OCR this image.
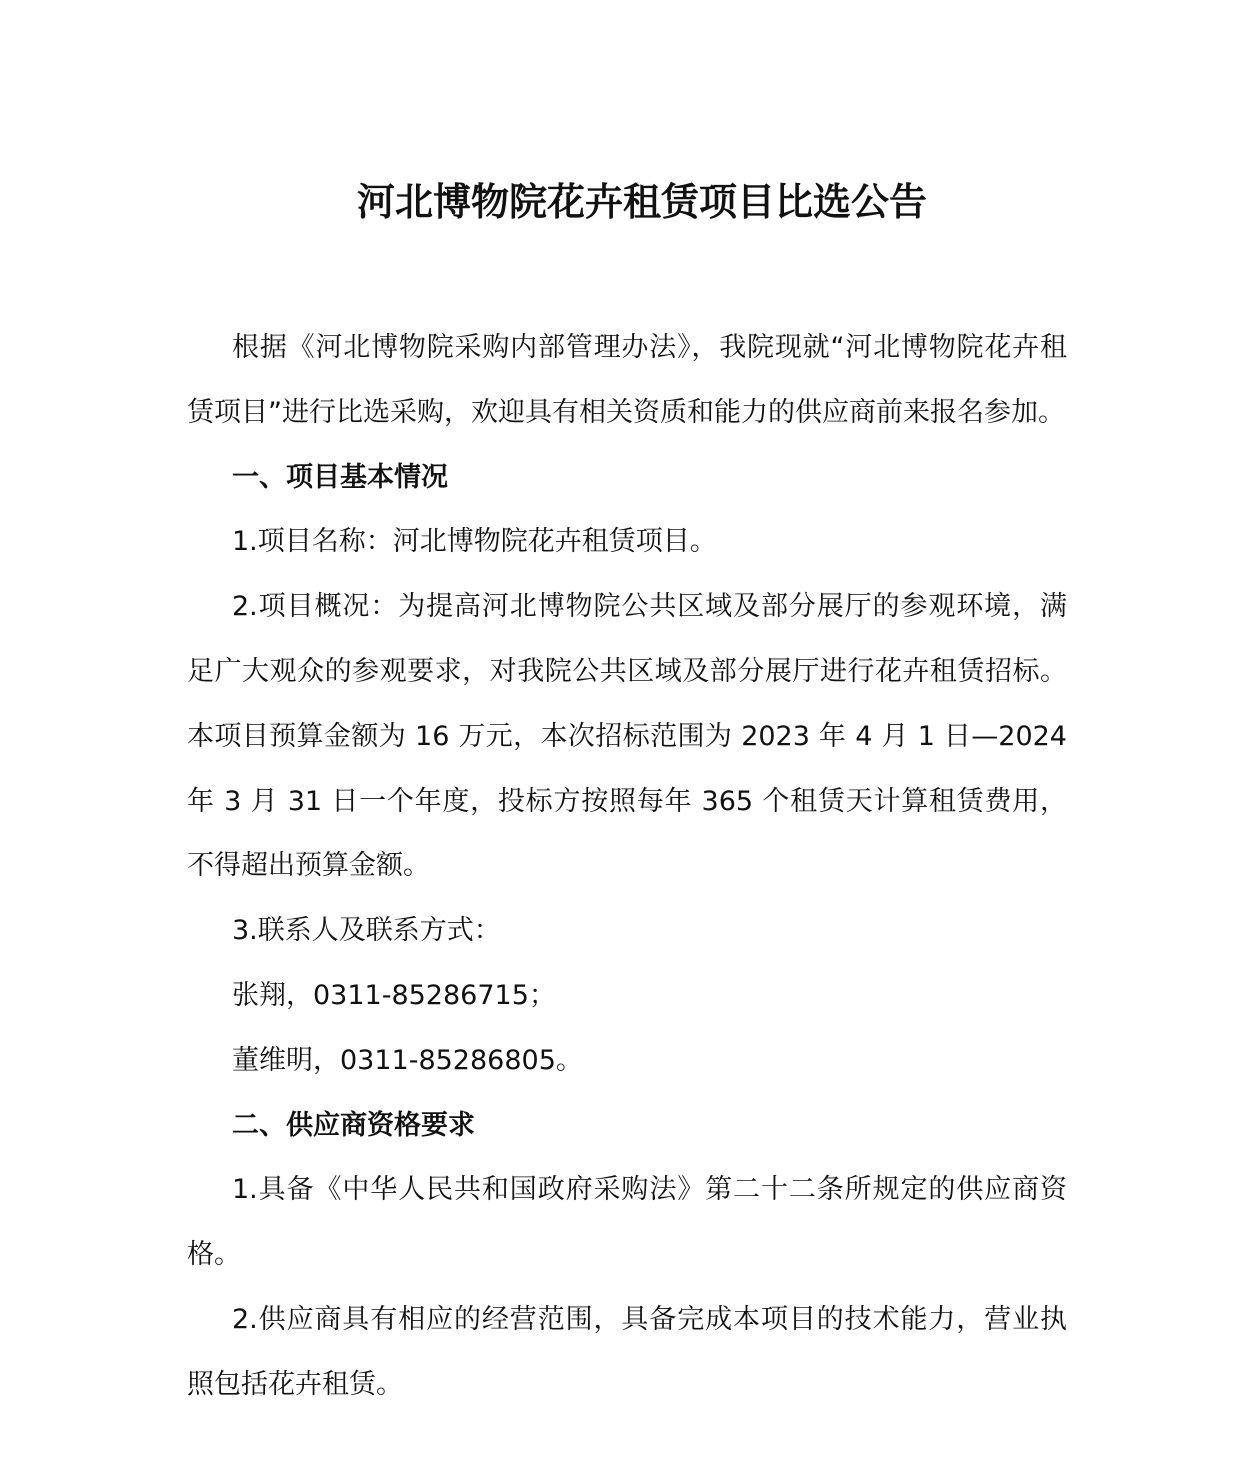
河北博物院花卉租赁项目比选公告

根据《河北博物院采购内部管理办法》，我院现就“河北博物院花卉租赁项目”进行比选采购，欢迎具有相关资质和能力的供应商前来报名参加。

一、项目基本情况

1.项目名称：河北博物院花卉租赁项目。

2.项目概况：为提高河北博物院公共区域及部分展厅的参观环境，满足广大观众的参观要求，对我院公共区域及部分展厅进行花卉租赁招标。本项目预算金额为 16 万元，本次招标范围为 2023 年 4 月 1 日—2024 年 3 月 31 日一个年度，投标方按照每年 365 个租赁天计算租赁费用，不得超出预算金额。

3.联系人及联系方式：

张翔，0311-85286715；

董维明，0311-85286805。

二、供应商资格要求

1.具备《中华人民共和国政府采购法》第二十二条所规定的供应商资格。

2.供应商具有相应的经营范围，具备完成本项目的技术能力，营业执照包括花卉租赁。
